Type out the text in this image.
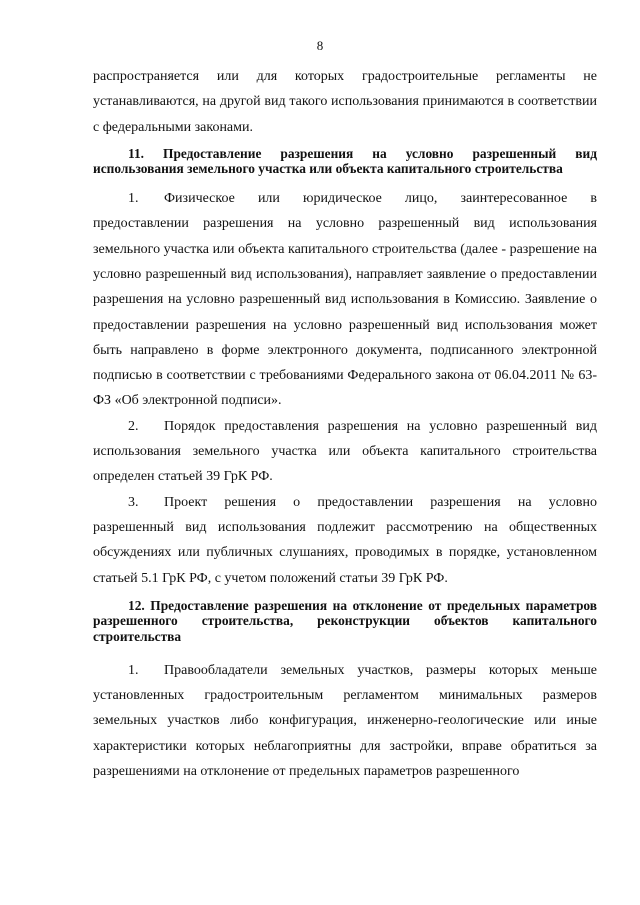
8

распространяется или для которых градостроительные регламенты не устанавливаются, на другой вид такого использования принимаются в соответствии с федеральными законами.

11. Предоставление разрешения на условно разрешенный вид использования земельного участка или объекта капитального строительства

1. Физическое или юридическое лицо, заинтересованное в предоставлении разрешения на условно разрешенный вид использования земельного участка или объекта капитального строительства (далее - разрешение на условно разрешенный вид использования), направляет заявление о предоставлении разрешения на условно разрешенный вид использования в Комиссию. Заявление о предоставлении разрешения на условно разрешенный вид использования может быть направлено в форме электронного документа, подписанного электронной подписью в соответствии с требованиями Федерального закона от 06.04.2011 № 63-ФЗ «Об электронной подписи».

2. Порядок предоставления разрешения на условно разрешенный вид использования земельного участка или объекта капитального строительства определен статьей 39 ГрК РФ.

3. Проект решения о предоставлении разрешения на условно разрешенный вид использования подлежит рассмотрению на общественных обсуждениях или публичных слушаниях, проводимых в порядке, установленном статьей 5.1 ГрК РФ, с учетом положений статьи 39 ГрК РФ.

12. Предоставление разрешения на отклонение от предельных параметров разрешенного строительства, реконструкции объектов капитального строительства

1. Правообладатели земельных участков, размеры которых меньше установленных градостроительным регламентом минимальных размеров земельных участков либо конфигурация, инженерно-геологические или иные характеристики которых неблагоприятны для застройки, вправе обратиться за разрешениями на отклонение от предельных параметров разрешенного
